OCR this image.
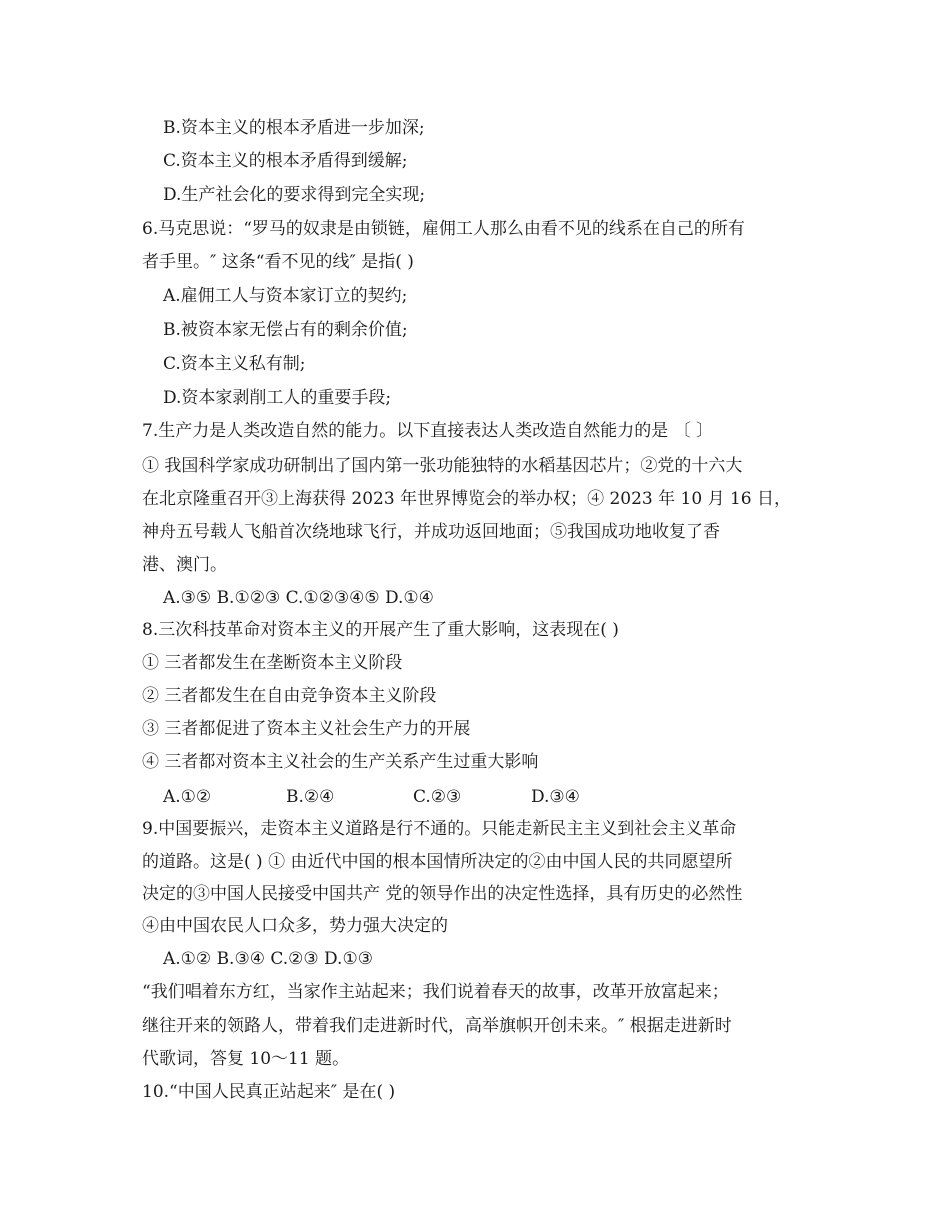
B.资本主义的根本矛盾进一步加深;
C.资本主义的根本矛盾得到缓解;
D.生产社会化的要求得到完全实现;
6.马克思说：“罗马的奴隶是由锁链，雇佣工人那么由看不见的线系在自己的所有
者手里。″ 这条“看不见的线″ 是指( )
A.雇佣工人与资本家订立的契约;
B.被资本家无偿占有的剩余价值;
C.资本主义私有制;
D.资本家剥削工人的重要手段;
7.生产力是人类改造自然的能力。以下直接表达人类改造自然能力的是 〔 〕
① 我国科学家成功研制出了国内第一张功能独特的水稻基因芯片；②党的十六大
在北京隆重召开③上海获得 2023 年世界博览会的举办权；④ 2023 年 10 月 16 日，
神舟五号载人飞船首次绕地球飞行，并成功返回地面；⑤我国成功地收复了香
港、澳门。
A.③⑤ B.①②③ C.①②③④⑤ D.①④
8.三次科技革命对资本主义的开展产生了重大影响，这表现在( )
① 三者都发生在垄断资本主义阶段
② 三者都发生在自由竞争资本主义阶段
③ 三者都促进了资本主义社会生产力的开展
④ 三者都对资本主义社会的生产关系产生过重大影响
A.①②	B.②④	C.②③	D.③④
9.中国要振兴，走资本主义道路是行不通的。只能走新民主主义到社会主义革命
的道路。这是( ) ① 由近代中国的根本国情所决定的②由中国人民的共同愿望所
决定的③中国人民接受中国共产 党的领导作出的决定性选择，具有历史的必然性
④由中国农民人口众多，势力强大决定的
A.①② B.③④ C.②③ D.①③
“我们唱着东方红，当家作主站起来；我们说着春天的故事，改革开放富起来；
继往开来的领路人，带着我们走进新时代，高举旗帜开创未来。″ 根据走进新时
代歌词，答复 10～11 题。
10.“中国人民真正站起来″ 是在( )
